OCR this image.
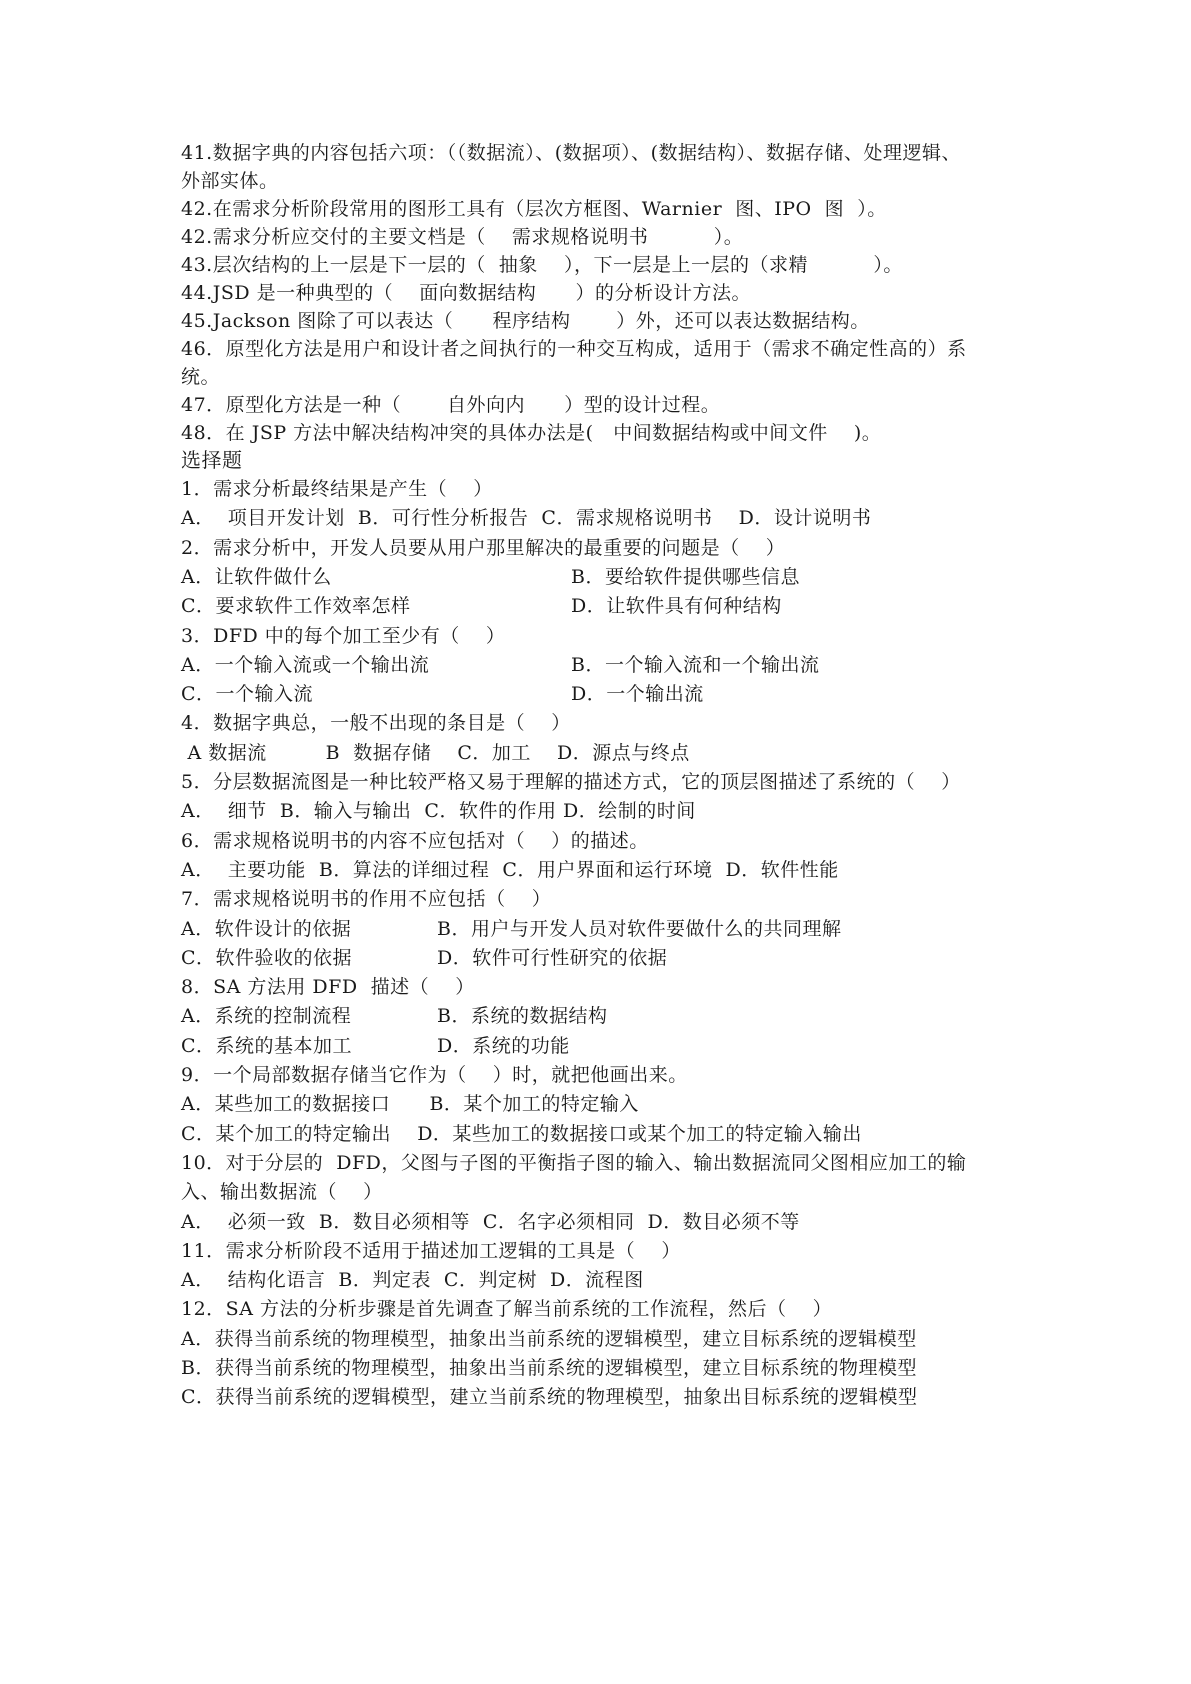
41.数据字典的内容包括六项：（（数据流）、(数据项）、(数据结构）、数据存储、处理逻辑、
外部实体。
42.在需求分析阶段常用的图形工具有（层次方框图、Warnier  图、IPO  图  ）。
42.需求分析应交付的主要文档是（    需求规格说明书          ）。
43.层次结构的上一层是下一层的（  抽象    ），下一层是上一层的（求精          ）。
44.JSD 是一种典型的（    面向数据结构      ）的分析设计方法。
45.Jackson 图除了可以表达（      程序结构       ）外，还可以表达数据结构。
46．原型化方法是用户和设计者之间执行的一种交互构成，适用于（需求不确定性高的）系
统。
47．原型化方法是一种（       自外向内      ）型的设计过程。
48．在 JSP 方法中解决结构冲突的具体办法是(   中间数据结构或中间文件    )。
选择题
1．需求分析最终结果是产生（    ）
A．  项目开发计划  B．可行性分析报告  C．需求规格说明书    D．设计说明书
2．需求分析中，开发人员要从用户那里解决的最重要的问题是（    ）
A．让软件做什么	B．要给软件提供哪些信息
C．要求软件工作效率怎样	D．让软件具有何种结构
3．DFD 中的每个加工至少有（    ）
A．一个输入流或一个输出流	B．一个输入流和一个输出流
C．一个输入流	D．一个输出流
4．数据字典总，一般不出现的条目是（    ）
A 数据流         B  数据存储    C．加工    D．源点与终点
5．分层数据流图是一种比较严格又易于理解的描述方式，它的顶层图描述了系统的（    ）
A．  细节  B．输入与输出  C．软件的作用 D．绘制的时间
6．需求规格说明书的内容不应包括对（    ）的描述。
A．  主要功能  B．算法的详细过程  C．用户界面和运行环境  D．软件性能
7．需求规格说明书的作用不应包括（    ）
A．软件设计的依据	B．用户与开发人员对软件要做什么的共同理解
C．软件验收的依据	D．软件可行性研究的依据
8．SA 方法用 DFD  描述（    ）
A．系统的控制流程	B．系统的数据结构
C．系统的基本加工	D．系统的功能
9．一个局部数据存储当它作为（    ）时，就把他画出来。
A．某些加工的数据接口      B．某个加工的特定输入
C．某个加工的特定输出    D．某些加工的数据接口或某个加工的特定输入输出
10．对于分层的  DFD，父图与子图的平衡指子图的输入、输出数据流同父图相应加工的输
入、输出数据流（    ）
A．  必须一致  B．数目必须相等  C．名字必须相同  D．数目必须不等
11．需求分析阶段不适用于描述加工逻辑的工具是（    ）
A．  结构化语言  B．判定表  C．判定树  D．流程图
12．SA 方法的分析步骤是首先调查了解当前系统的工作流程，然后（    ）
A．获得当前系统的物理模型，抽象出当前系统的逻辑模型，建立目标系统的逻辑模型
B．获得当前系统的物理模型，抽象出当前系统的逻辑模型，建立目标系统的物理模型
C．获得当前系统的逻辑模型，建立当前系统的物理模型，抽象出目标系统的逻辑模型
